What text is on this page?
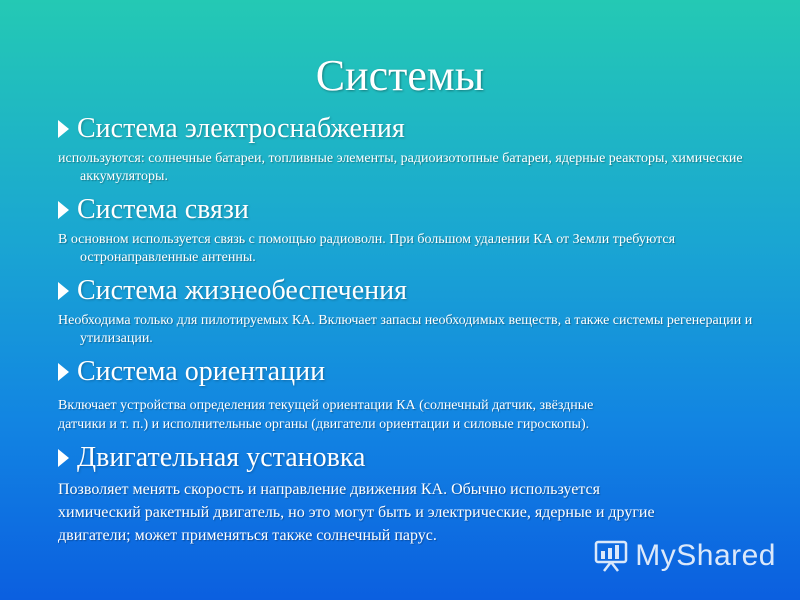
Системы
Система электроснабжения

используются: солнечные батареи, топливные элементы, радиоизотопные батареи, ядерные реакторы, химические аккумуляторы.

Система связи

В основном используется связь с помощью радиоволн. При большом удалении КА от Земли требуются остронаправленные антенны.

Система жизнеобеспечения

Необходима только для пилотируемых КА. Включает запасы необходимых веществ, а также системы регенерации и утилизации.

Система ориентации

Включает устройства определения текущей ориентации КА (солнечный датчик, звёздные

датчики и т. п.) и исполнительные органы (двигатели ориентации и силовые гироскопы).

Двигательная установка

Позволяет менять скорость и направление движения КА. Обычно используется

химический ракетный двигатель, но это могут быть и электрические, ядерные и другие

двигатели; может применяться также солнечный парус.

MyShared
